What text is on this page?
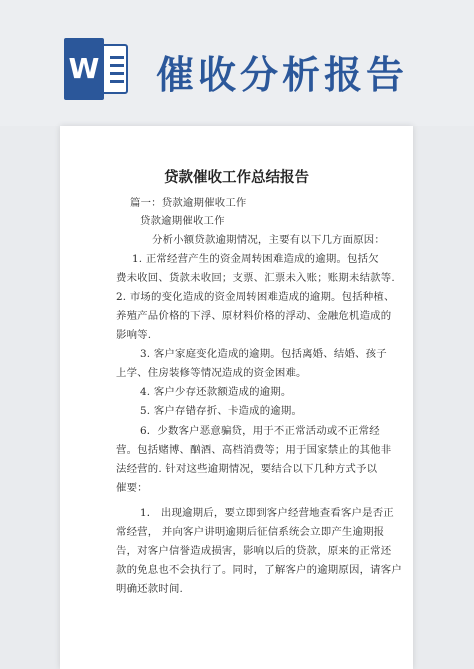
W 催收分析报告
贷款催收工作总结报告
篇一：贷款逾期催收工作
贷款逾期催收工作
分析小额贷款逾期情况，主要有以下几方面原因：
1. 正常经营产生的资金周转困难造成的逾期。包括欠
费未收回、货款未收回；支票、汇票未入账；账期未结款等.
2. 市场的变化造成的资金周转困难造成的逾期。包括种植、
养殖产品价格的下浮、原材料价格的浮动、金融危机造成的
影响等.
3. 客户家庭变化造成的逾期。包括离婚、结婚、孩子
上学、住房装修等情况造成的资金困难。
4. 客户少存还款额造成的逾期。
5. 客户存错存折、卡造成的逾期。
6．少数客户恶意骗贷，用于不正常活动或不正常经
营。包括赌博、酗酒、高档消费等；用于国家禁止的其他非
法经营的. 针对这些逾期情况，要结合以下几种方式予以
催要：
1． 出现逾期后，要立即到客户经营地查看客户是否正
常经营， 并向客户讲明逾期后征信系统会立即产生逾期报
告，对客户信誉造成损害，影响以后的贷款，原来的正常还
款的免息也不会执行了。同时，了解客户的逾期原因，请客户
明确还款时间.
